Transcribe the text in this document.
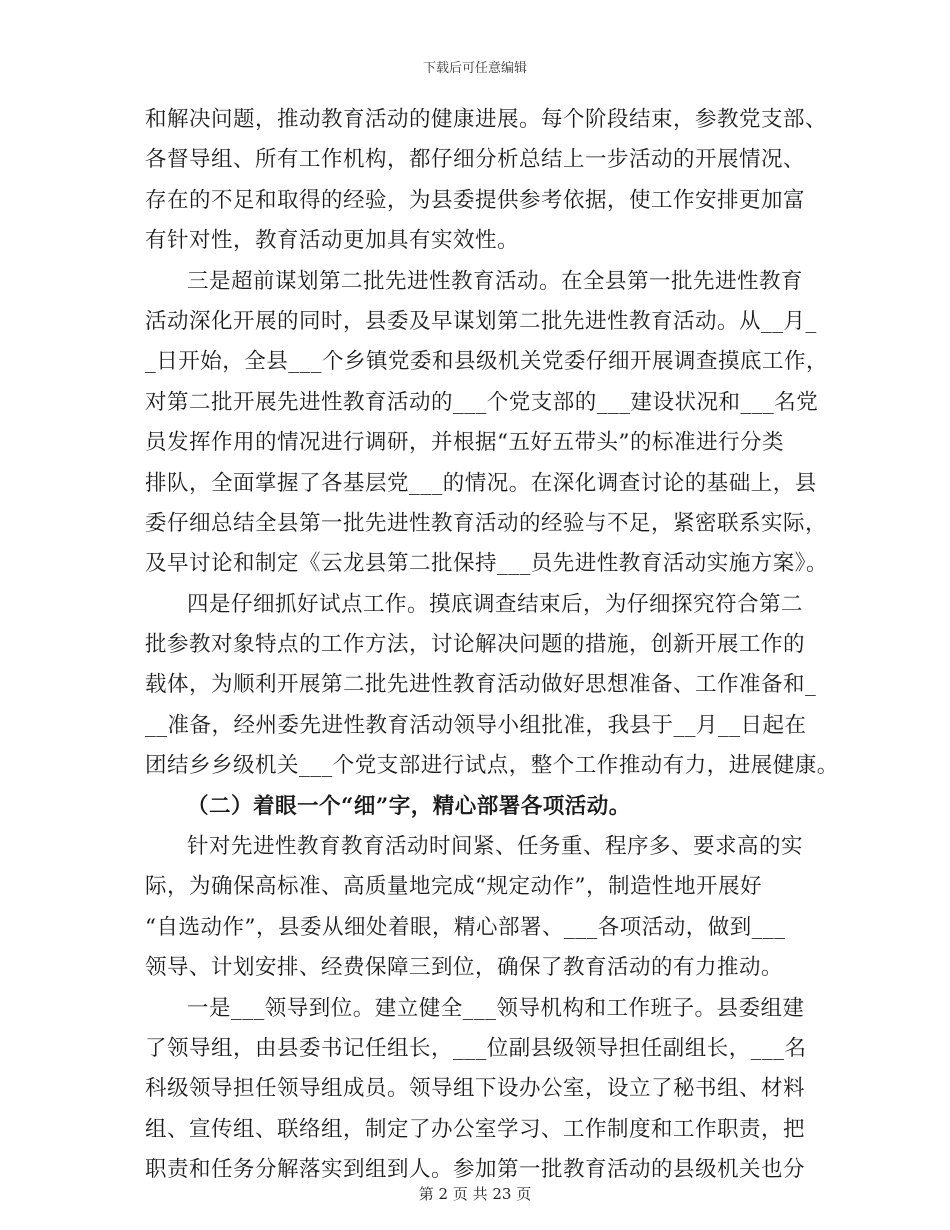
下载后可任意编辑
和解决问题，推动教育活动的健康进展。每个阶段结束，参教党支部、
各督导组、所有工作机构，都仔细分析总结上一步活动的开展情况、
存在的不足和取得的经验，为县委提供参考依据，使工作安排更加富
有针对性，教育活动更加具有实效性。
三是超前谋划第二批先进性教育活动。在全县第一批先进性教育
活动深化开展的同时，县委及早谋划第二批先进性教育活动。从__月_
_日开始，全县___个乡镇党委和县级机关党委仔细开展调查摸底工作，
对第二批开展先进性教育活动的___个党支部的___建设状况和___名党
员发挥作用的情况进行调研，并根据“五好五带头”的标准进行分类
排队，全面掌握了各基层党___的情况。在深化调查讨论的基础上，县
委仔细总结全县第一批先进性教育活动的经验与不足，紧密联系实际，
及早讨论和制定《云龙县第二批保持___员先进性教育活动实施方案》。
四是仔细抓好试点工作。摸底调查结束后，为仔细探究符合第二
批参教对象特点的工作方法，讨论解决问题的措施，创新开展工作的
载体，为顺利开展第二批先进性教育活动做好思想准备、工作准备和_
__准备，经州委先进性教育活动领导小组批准，我县于__月__日起在
团结乡乡级机关___个党支部进行试点，整个工作推动有力，进展健康。
（二）着眼一个“细”字，精心部署各项活动。
针对先进性教育教育活动时间紧、任务重、程序多、要求高的实
际，为确保高标准、高质量地完成“规定动作”，制造性地开展好
“自选动作”，县委从细处着眼，精心部署、___各项活动，做到___
领导、计划安排、经费保障三到位，确保了教育活动的有力推动。
一是___领导到位。建立健全___领导机构和工作班子。县委组建
了领导组，由县委书记任组长，___位副县级领导担任副组长，___名
科级领导担任领导组成员。领导组下设办公室，设立了秘书组、材料
组、宣传组、联络组，制定了办公室学习、工作制度和工作职责，把
职责和任务分解落实到组到人。参加第一批教育活动的县级机关也分
第 2 页 共 23 页
